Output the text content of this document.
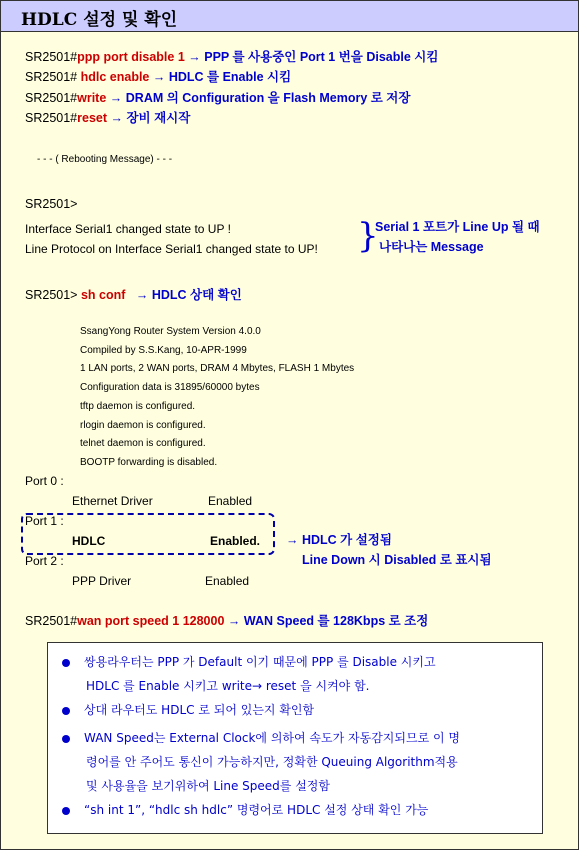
HDLC 설정 및 확인
SR2501#ppp port disable 1 → PPP 를 사용중인 Port 1 번을 Disable 시킴
SR2501# hdlc enable → HDLC 를 Enable 시킴
SR2501#write → DRAM 의 Configuration 을 Flash Memory 로 저장
SR2501#reset → 장비 재시작
- - - ( Rebooting Message) - - -
SR2501>
Interface Serial1 changed state to UP !
Line Protocol on Interface Serial1 changed state to UP! }
Serial 1 포트가 Line Up 될 때
나타나는 Message
SR2501> sh conf → HDLC 상태 확인
SsangYong Router System Version 4.0.0
Compiled by S.S.Kang, 10-APR-1999
1 LAN ports, 2 WAN ports, DRAM 4 Mbytes, FLASH 1 Mbytes
Configuration data is 31895/60000 bytes
tftp daemon is configured.
rlogin daemon is configured.
telnet daemon is configured.
BOOTP forwarding is disabled.
Port 0 :
Ethernet Driver	Enabled
Port 1 :
HDLC	Enabled. → HDLC 가 설정됨
Line Down 시 Disabled 로 표시됨
Port 2 :
PPP Driver	Enabled
SR2501#wan port speed 1 128000 → WAN Speed 를 128Kbps 로 조정
쌍용라우터는 PPP 가 Default 이기 때문에 PPP 를 Disable 시키고
HDLC 를 Enable 시키고 write→ reset 을 시켜야 함.
상대 라우터도 HDLC 로 되어 있는지 확인함
WAN Speed는 External Clock에 의하여 속도가 자동감지되므로 이 명
령어를 안 주어도 통신이 가능하지만, 정확한 Queuing Algorithm적용
및 사용율을 보기위하여 Line Speed를 설정함
“sh int 1”, “hdlc sh hdlc” 명령어로 HDLC 설정 상태 확인 가능
